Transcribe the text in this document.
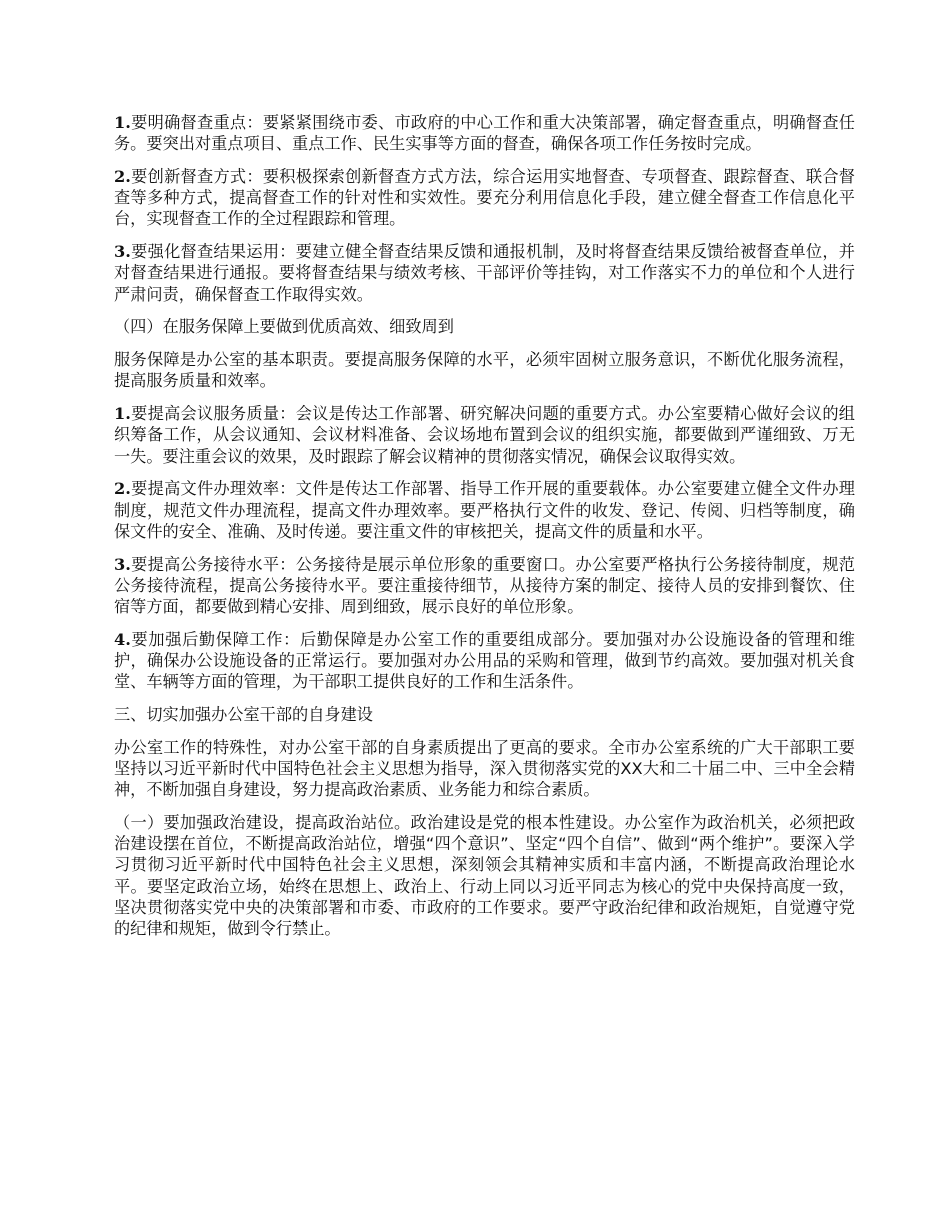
1.要明确督查重点：要紧紧围绕市委、市政府的中心工作和重大决策部署，确定督查重点，明确督查任务。要突出对重点项目、重点工作、民生实事等方面的督查，确保各项工作任务按时完成。

2.要创新督查方式：要积极探索创新督查方式方法，综合运用实地督查、专项督查、跟踪督查、联合督查等多种方式，提高督查工作的针对性和实效性。要充分利用信息化手段，建立健全督查工作信息化平台，实现督查工作的全过程跟踪和管理。

3.要强化督查结果运用：要建立健全督查结果反馈和通报机制，及时将督查结果反馈给被督查单位，并对督查结果进行通报。要将督查结果与绩效考核、干部评价等挂钩，对工作落实不力的单位和个人进行严肃问责，确保督查工作取得实效。

（四）在服务保障上要做到优质高效、细致周到

服务保障是办公室的基本职责。要提高服务保障的水平，必须牢固树立服务意识，不断优化服务流程，提高服务质量和效率。

1.要提高会议服务质量：会议是传达工作部署、研究解决问题的重要方式。办公室要精心做好会议的组织筹备工作，从会议通知、会议材料准备、会议场地布置到会议的组织实施，都要做到严谨细致、万无一失。要注重会议的效果，及时跟踪了解会议精神的贯彻落实情况，确保会议取得实效。

2.要提高文件办理效率：文件是传达工作部署、指导工作开展的重要载体。办公室要建立健全文件办理制度，规范文件办理流程，提高文件办理效率。要严格执行文件的收发、登记、传阅、归档等制度，确保文件的安全、准确、及时传递。要注重文件的审核把关，提高文件的质量和水平。

3.要提高公务接待水平：公务接待是展示单位形象的重要窗口。办公室要严格执行公务接待制度，规范公务接待流程，提高公务接待水平。要注重接待细节，从接待方案的制定、接待人员的安排到餐饮、住宿等方面，都要做到精心安排、周到细致，展示良好的单位形象。

4.要加强后勤保障工作：后勤保障是办公室工作的重要组成部分。要加强对办公设施设备的管理和维护，确保办公设施设备的正常运行。要加强对办公用品的采购和管理，做到节约高效。要加强对机关食堂、车辆等方面的管理，为干部职工提供良好的工作和生活条件。

三、切实加强办公室干部的自身建设

办公室工作的特殊性，对办公室干部的自身素质提出了更高的要求。全市办公室系统的广大干部职工要坚持以习近平新时代中国特色社会主义思想为指导，深入贯彻落实党的XX大和二十届二中、三中全会精神，不断加强自身建设，努力提高政治素质、业务能力和综合素质。

（一）要加强政治建设，提高政治站位。政治建设是党的根本性建设。办公室作为政治机关，必须把政治建设摆在首位，不断提高政治站位，增强“四个意识”、坚定“四个自信”、做到“两个维护”。要深入学习贯彻习近平新时代中国特色社会主义思想，深刻领会其精神实质和丰富内涵，不断提高政治理论水平。要坚定政治立场，始终在思想上、政治上、行动上同以习近平同志为核心的党中央保持高度一致，坚决贯彻落实党中央的决策部署和市委、市政府的工作要求。要严守政治纪律和政治规矩，自觉遵守党的纪律和规矩，做到令行禁止。
